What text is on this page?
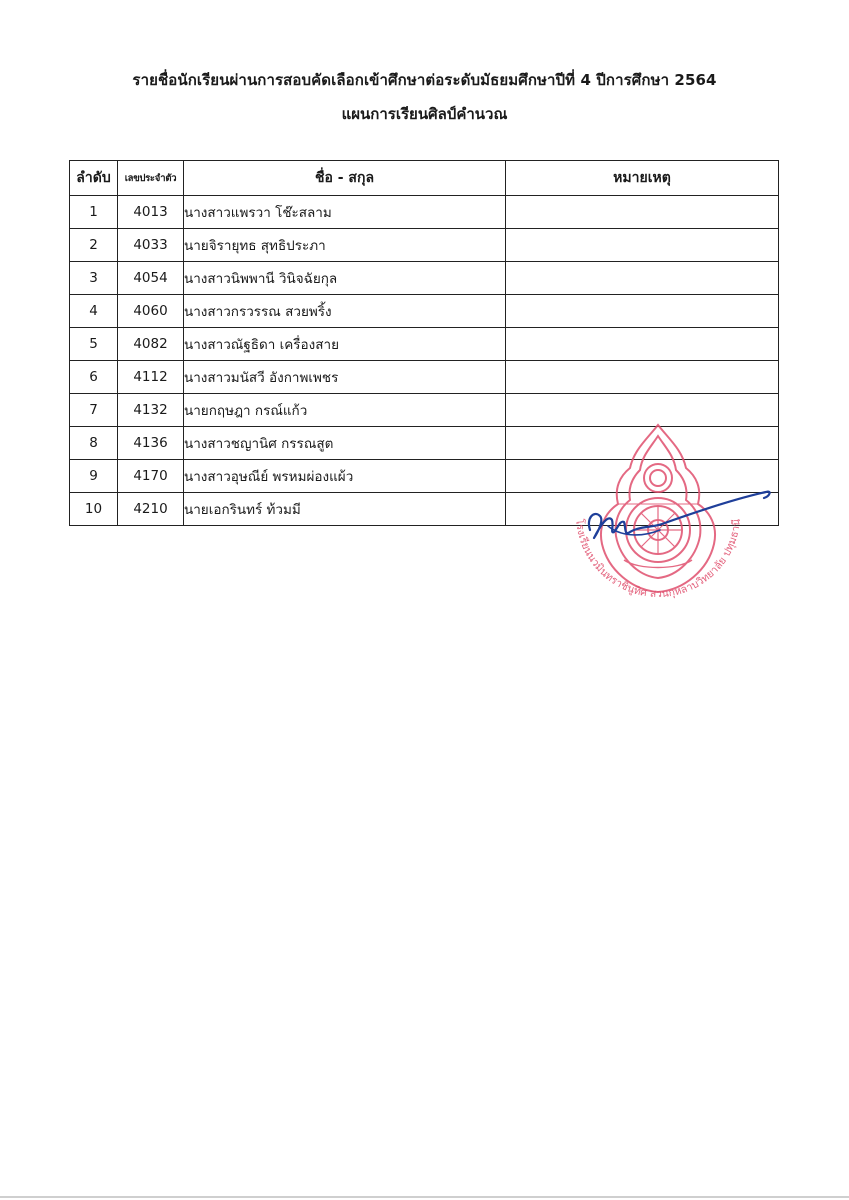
รายชื่อนักเรียนผ่านการสอบคัดเลือกเข้าศึกษาต่อระดับมัธยมศึกษาปีที่ 4 ปีการศึกษา 2564
แผนการเรียนศิลป์คำนวณ
ลำดับ	เลขประจำตัว	ชื่อ - สกุล	หมายเหตุ
1	4013	นางสาวแพรวา โช๊ะสลาม	
2	4033	นายจิรายุทธ สุทธิประภา	
3	4054	นางสาวนิพพานี วินิจฉัยกุล	
4	4060	นางสาวกรวรรณ สวยพริ้ง	
5	4082	นางสาวณัฐธิดา เครื่องสาย	
6	4112	นางสาวมนัสวี อังกาพเพชร	
7	4132	นายกฤษฎา กรณ์แก้ว	
8	4136	นางสาวชญานิศ กรรณสูต	
9	4170	นางสาวอุษณีย์ พรหมผ่องแผ้ว	
10	4210	นายเอกรินทร์ ท้วมมี	
โรงเรียนนวมินทราชินูทิศ สวนกุหลาบวิทยาลัย ปทุมธานี
